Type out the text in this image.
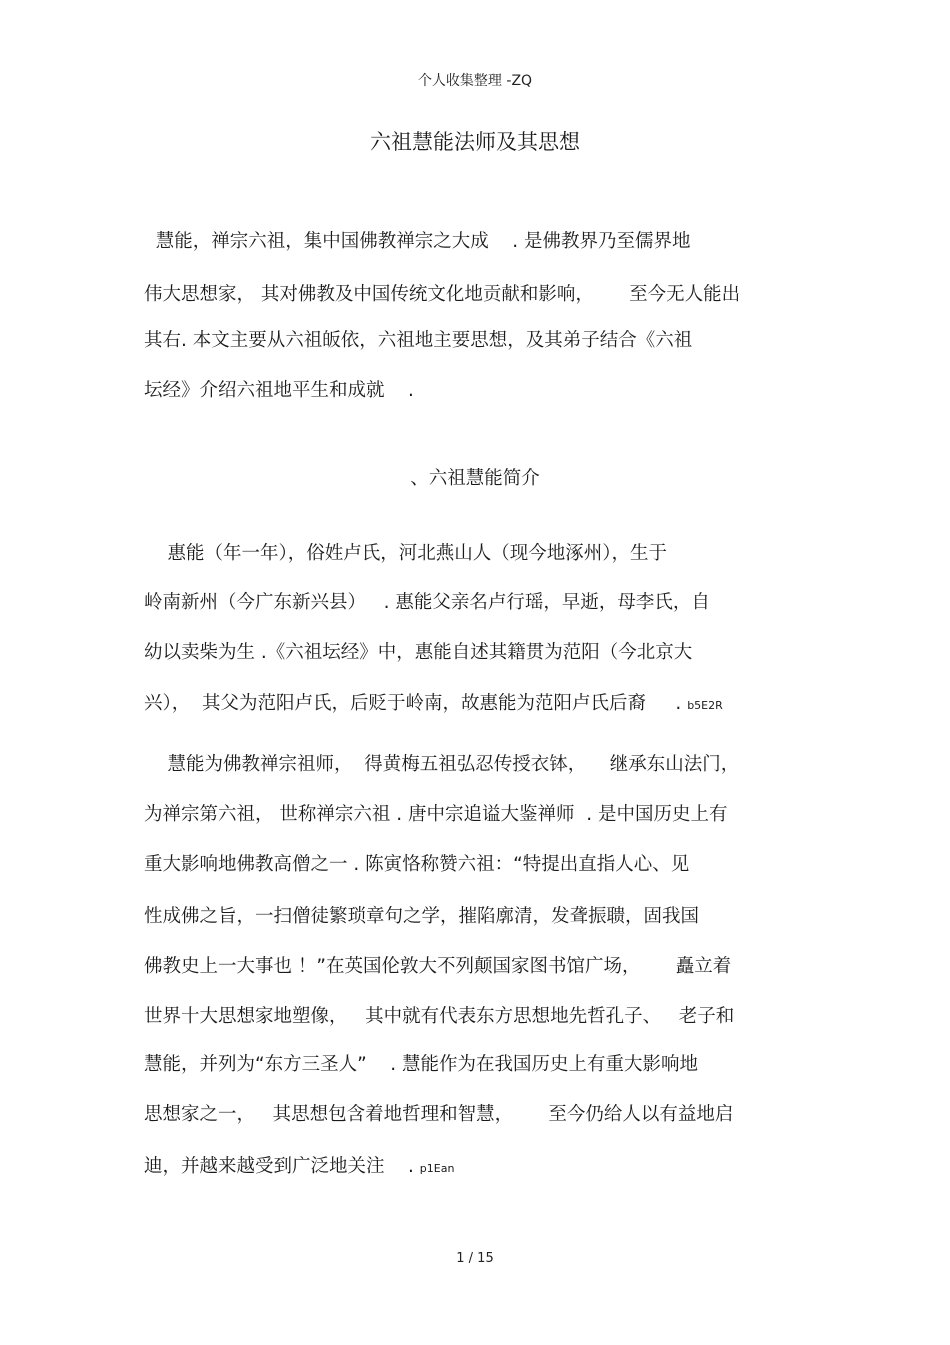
个人收集整理 -ZQ
六祖慧能法师及其思想
慧能，禅宗六祖，集中国佛教禅宗之大成    . 是佛教界乃至儒界地
伟大思想家， 其对佛教及中国传统文化地贡献和影响，      至今无人能出
其右. 本文主要从六祖皈依，六祖地主要思想，及其弟子结合《六祖
坛经》介绍六祖地平生和成就    .
、六祖慧能简介
惠能（年一年），俗姓卢氏，河北燕山人（现今地涿州），生于
岭南新州（今广东新兴县）   . 惠能父亲名卢行瑶，早逝，母李氏，自
幼以卖柴为生 .《六祖坛经》中，惠能自述其籍贯为范阳（今北京大
兴），  其父为范阳卢氏，后贬于岭南，故惠能为范阳卢氏后裔     . b5E2R
慧能为佛教禅宗祖师，  得黄梅五祖弘忍传授衣钵，    继承东山法门，
为禅宗第六祖， 世称禅宗六祖 . 唐中宗追谥大鉴禅师  . 是中国历史上有
重大影响地佛教高僧之一 . 陈寅恪称赞六祖：“特提出直指人心、见
性成佛之旨，一扫僧徒繁琐章句之学，摧陷廓清，发聋振聩，固我国
佛教史上一大事也 ！”在英国伦敦大不列颠国家图书馆广场，      矗立着
世界十大思想家地塑像，   其中就有代表东方思想地先哲孔子、   老子和
慧能，并列为“东方三圣人”    . 慧能作为在我国历史上有重大影响地
思想家之一，   其思想包含着地哲理和智慧，      至今仍给人以有益地启
迪，并越来越受到广泛地关注    . p1Ean
1 / 15
